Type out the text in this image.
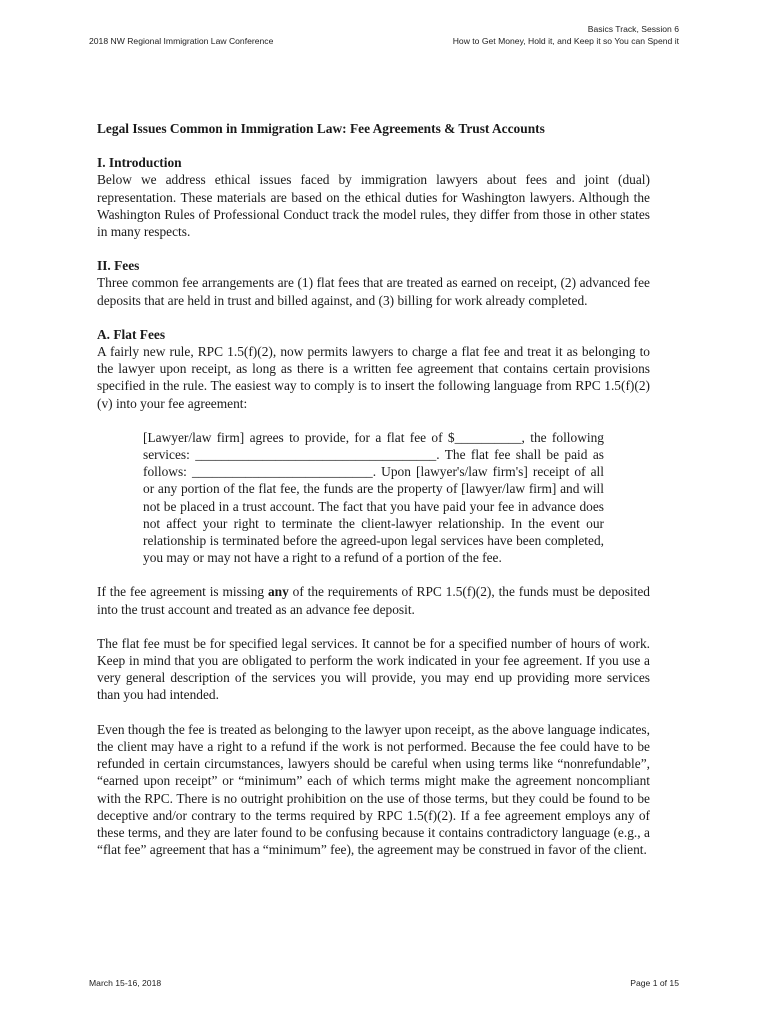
2018 NW Regional Immigration Law Conference
Basics Track, Session 6
How to Get Money, Hold it, and Keep it so You can Spend it

Legal Issues Common in Immigration Law: Fee Agreements & Trust Accounts

I. Introduction

Below we address ethical issues faced by immigration lawyers about fees and joint (dual) representation. These materials are based on the ethical duties for Washington lawyers. Although the Washington Rules of Professional Conduct track the model rules, they differ from those in other states in many respects.

II. Fees

Three common fee arrangements are (1) flat fees that are treated as earned on receipt, (2) advanced fee deposits that are held in trust and billed against, and (3) billing for work already completed.

A. Flat Fees

A fairly new rule, RPC 1.5(f)(2), now permits lawyers to charge a flat fee and treat it as belonging to the lawyer upon receipt, as long as there is a written fee agreement that contains certain provisions specified in the rule. The easiest way to comply is to insert the following language from RPC 1.5(f)(2)(v) into your fee agreement:

[Lawyer/law firm] agrees to provide, for a flat fee of $__________, the following services: ____________________________________. The flat fee shall be paid as follows: ___________________________. Upon [lawyer's/law firm's] receipt of all or any portion of the flat fee, the funds are the property of [lawyer/law firm] and will not be placed in a trust account. The fact that you have paid your fee in advance does not affect your right to terminate the client-lawyer relationship. In the event our relationship is terminated before the agreed-upon legal services have been completed, you may or may not have a right to a refund of a portion of the fee.

If the fee agreement is missing any of the requirements of RPC 1.5(f)(2), the funds must be deposited into the trust account and treated as an advance fee deposit.

The flat fee must be for specified legal services. It cannot be for a specified number of hours of work. Keep in mind that you are obligated to perform the work indicated in your fee agreement. If you use a very general description of the services you will provide, you may end up providing more services than you had intended.

Even though the fee is treated as belonging to the lawyer upon receipt, as the above language indicates, the client may have a right to a refund if the work is not performed. Because the fee could have to be refunded in certain circumstances, lawyers should be careful when using terms like “nonrefundable”, “earned upon receipt” or “minimum” each of which terms might make the agreement noncompliant with the RPC. There is no outright prohibition on the use of those terms, but they could be found to be deceptive and/or contrary to the terms required by RPC 1.5(f)(2). If a fee agreement employs any of these terms, and they are later found to be confusing because it contains contradictory language (e.g., a “flat fee” agreement that has a “minimum” fee), the agreement may be construed in favor of the client.

March 15-16, 2018	Page 1 of 15
